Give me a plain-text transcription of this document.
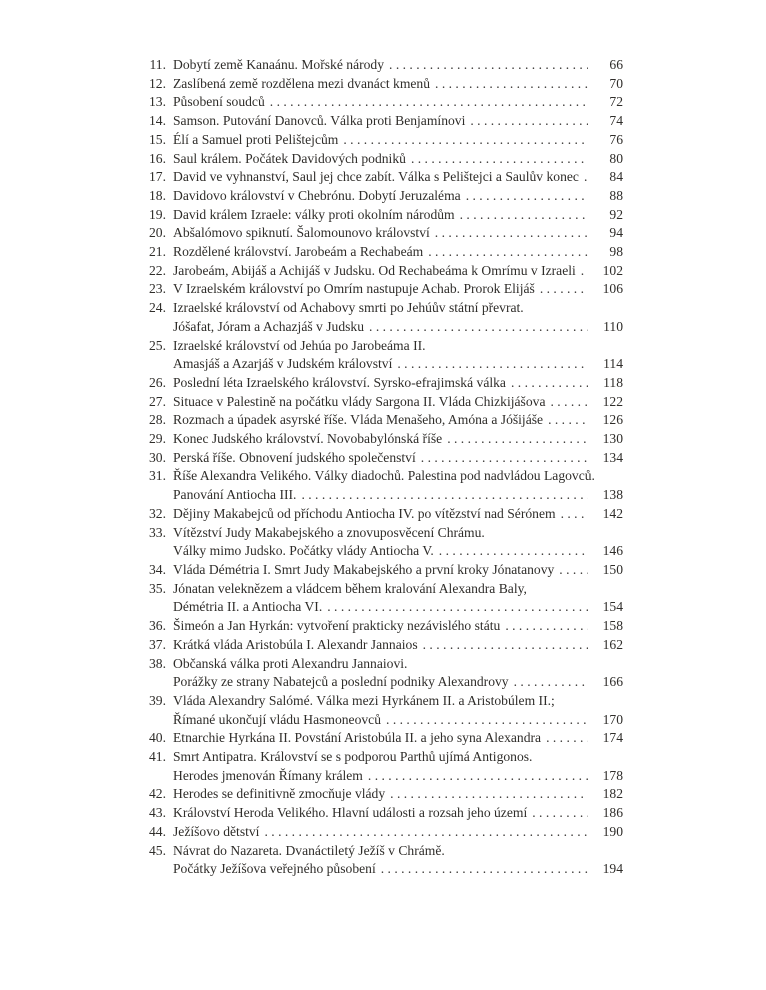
11. Dobytí země Kanaánu. Mořské národy .....	66
12. Zaslíbená země rozdělena mezi dvanáct kmenů .....	70
13. Působení soudců .....	72
14. Samson. Putování Danovců. Válka proti Benjamínovi .....	74
15. Élí a Samuel proti Pelištejcům .....	76
16. Saul králem. Počátek Davidových podniků .....	80
17. David ve vyhnanství, Saul jej chce zabít. Válka s Pelištejci a Saulův konec .....	84
18. Davidovo království v Chebrónu. Dobytí Jeruzaléma .....	88
19. David králem Izraele: války proti okolním národům .....	92
20. Abšalómovo spiknutí. Šalomounovo království .....	94
21. Rozdělené království. Jarobeám a Rechabeám .....	98
22. Jarobeám, Abijáš a Achijáš v Judsku. Od Rechabeáma k Omrímu v Izraeli .....	102
23. V Izraelském království po Omrím nastupuje Achab. Prorok Elijáš .....	106
24. Izraelské království od Achabovy smrti po Jehúův státní převrat.
Jóšafat, Jóram a Achazjáš v Judsku .....	110
25. Izraelské království od Jehúa po Jarobeáma II.
Amasjáš a Azarjáš v Judském království .....	114
26. Poslední léta Izraelského království. Syrsko-efrajimská válka .....	118
27. Situace v Palestině na počátku vlády Sargona II. Vláda Chizkijášova .....	122
28. Rozmach a úpadek asyrské říše. Vláda Menašeho, Amóna a Jóšijáše .....	126
29. Konec Judského království. Novobabylónská říše .....	130
30. Perská říše. Obnovení judského společenství .....	134
31. Říše Alexandra Velikého. Války diadochů. Palestina pod nadvládou Lagovců.
Panování Antiocha III. .....	138
32. Dějiny Makabejců od příchodu Antiocha IV. po vítězství nad Sérónem .....	142
33. Vítězství Judy Makabejského a znovuposvěcení Chrámu.
Války mimo Judsko. Počátky vlády Antiocha V. .....	146
34. Vláda Démétria I. Smrt Judy Makabejského a první kroky Jónatanovy .....	150
35. Jónatan veleknězem a vládcem během kralování Alexandra Baly,
Démétria II. a Antiocha VI. .....	154
36. Šimeón a Jan Hyrkán: vytvoření prakticky nezávislého státu .....	158
37. Krátká vláda Aristobúla I. Alexandr Jannaios .....	162
38. Občanská válka proti Alexandru Jannaiovi.
Porážky ze strany Nabatejců a poslední podniky Alexandrovy .....	166
39. Vláda Alexandry Salómé. Válka mezi Hyrkánem II. a Aristobúlem II.;
Římané ukončují vládu Hasmoneovců .....	170
40. Etnarchie Hyrkána II. Povstání Aristobúla II. a jeho syna Alexandra .....	174
41. Smrt Antipatra. Království se s podporou Parthů ujímá Antigonos.
Herodes jmenován Římany králem .....	178
42. Herodes se definitivně zmocňuje vlády .....	182
43. Království Heroda Velikého. Hlavní události a rozsah jeho území .....	186
44. Ježíšovo dětství .....	190
45. Návrat do Nazareta. Dvanáctiletý Ježíš v Chrámě.
Počátky Ježíšova veřejného působení .....	194
